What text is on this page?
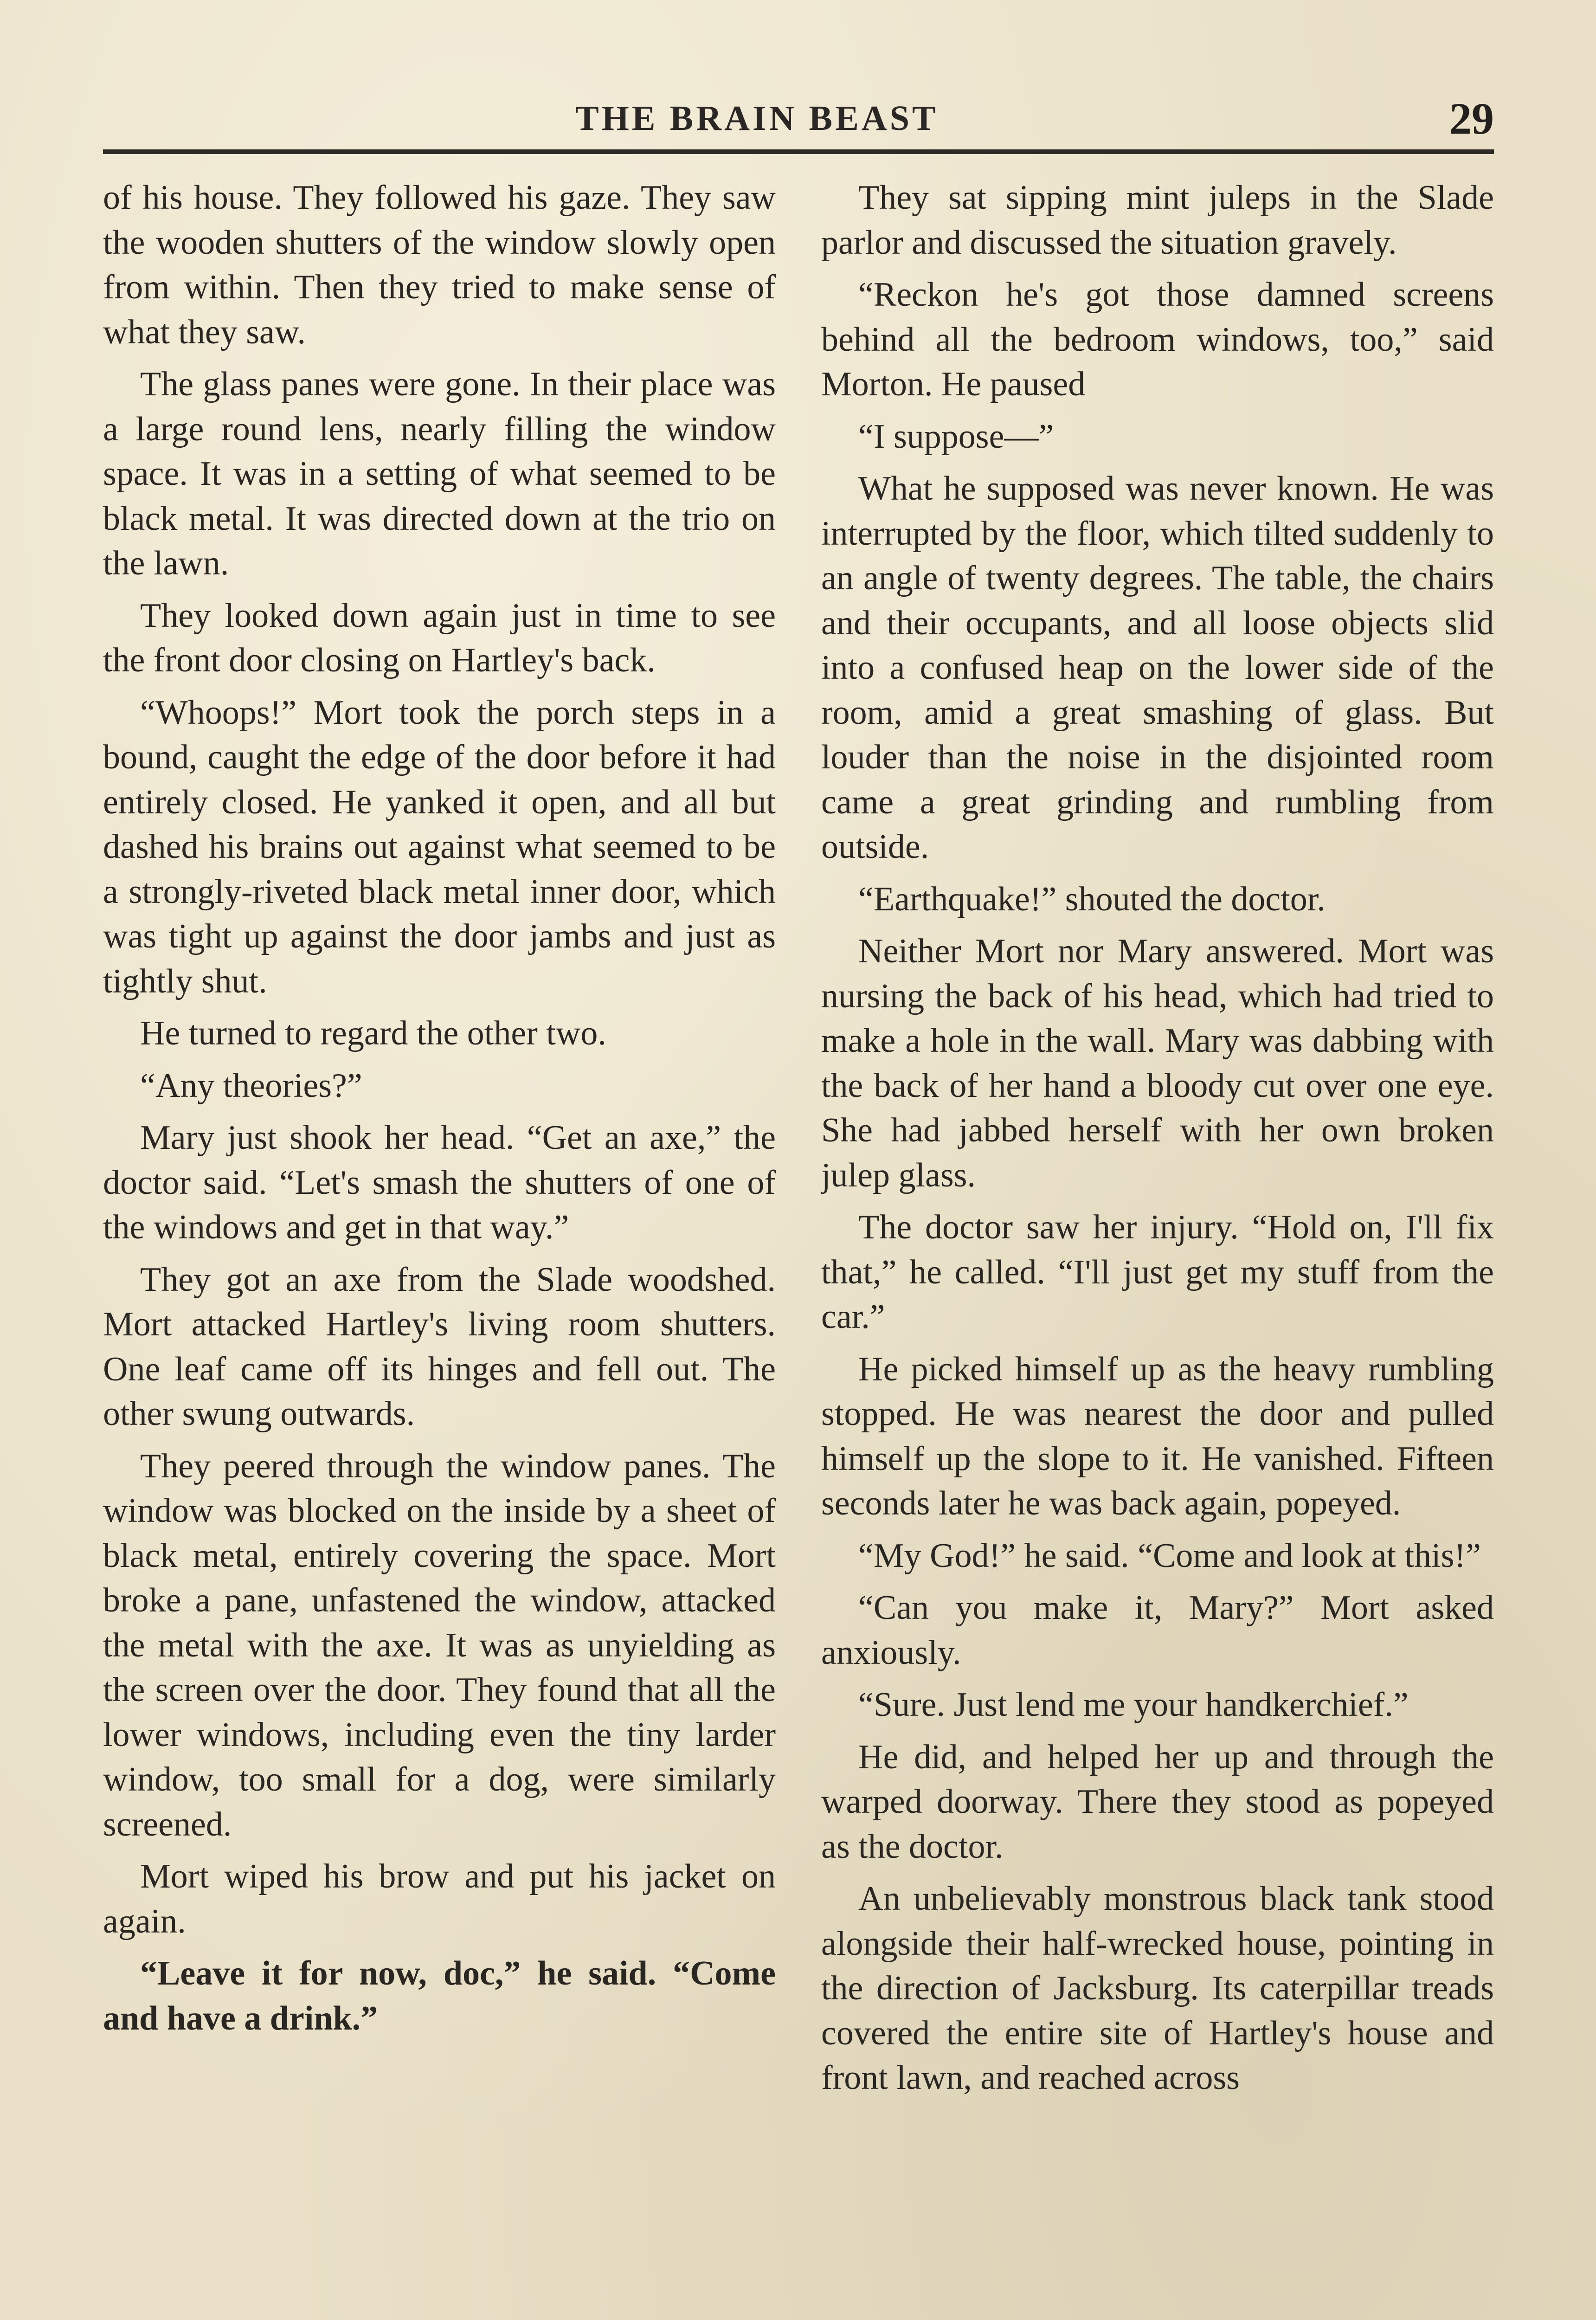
THE BRAIN BEAST	29

of his house. They followed his gaze. They saw the wooden shutters of the window slowly open from within. Then they tried to make sense of what they saw.

The glass panes were gone. In their place was a large round lens, nearly filling the window space. It was in a setting of what seemed to be black metal. It was directed down at the trio on the lawn.

They looked down again just in time to see the front door closing on Hartley's back.

“Whoops!” Mort took the porch steps in a bound, caught the edge of the door before it had entirely closed. He yanked it open, and all but dashed his brains out against what seemed to be a strongly-riveted black metal inner door, which was tight up against the door jambs and just as tightly shut.

He turned to regard the other two.

“Any theories?”

Mary just shook her head. “Get an axe,” the doctor said. “Let's smash the shutters of one of the windows and get in that way.”

They got an axe from the Slade woodshed. Mort attacked Hartley's living room shutters. One leaf came off its hinges and fell out. The other swung outwards.

They peered through the window panes. The window was blocked on the inside by a sheet of black metal, entirely covering the space. Mort broke a pane, unfastened the window, attacked the metal with the axe. It was as unyielding as the screen over the door. They found that all the lower windows, including even the tiny larder window, too small for a dog, were similarly screened.

Mort wiped his brow and put his jacket on again.

“Leave it for now, doc,” he said. “Come and have a drink.”

They sat sipping mint juleps in the Slade parlor and discussed the situation gravely.

“Reckon he's got those damned screens behind all the bedroom windows, too,” said Morton. He paused

“I suppose—”

What he supposed was never known. He was interrupted by the floor, which tilted suddenly to an angle of twenty degrees. The table, the chairs and their occupants, and all loose objects slid into a confused heap on the lower side of the room, amid a great smashing of glass. But louder than the noise in the disjointed room came a great grinding and rumbling from outside.

“Earthquake!” shouted the doctor.

Neither Mort nor Mary answered. Mort was nursing the back of his head, which had tried to make a hole in the wall. Mary was dabbing with the back of her hand a bloody cut over one eye. She had jabbed herself with her own broken julep glass.

The doctor saw her injury. “Hold on, I'll fix that,” he called. “I'll just get my stuff from the car.”

He picked himself up as the heavy rumbling stopped. He was nearest the door and pulled himself up the slope to it. He vanished. Fifteen seconds later he was back again, popeyed.

“My God!” he said. “Come and look at this!”

“Can you make it, Mary?” Mort asked anxiously.

“Sure. Just lend me your handkerchief.”

He did, and helped her up and through the warped doorway. There they stood as popeyed as the doctor.

An unbelievably monstrous black tank stood alongside their half-wrecked house, pointing in the direction of Jacksburg. Its caterpillar treads covered the entire site of Hartley's house and front lawn, and reached across
